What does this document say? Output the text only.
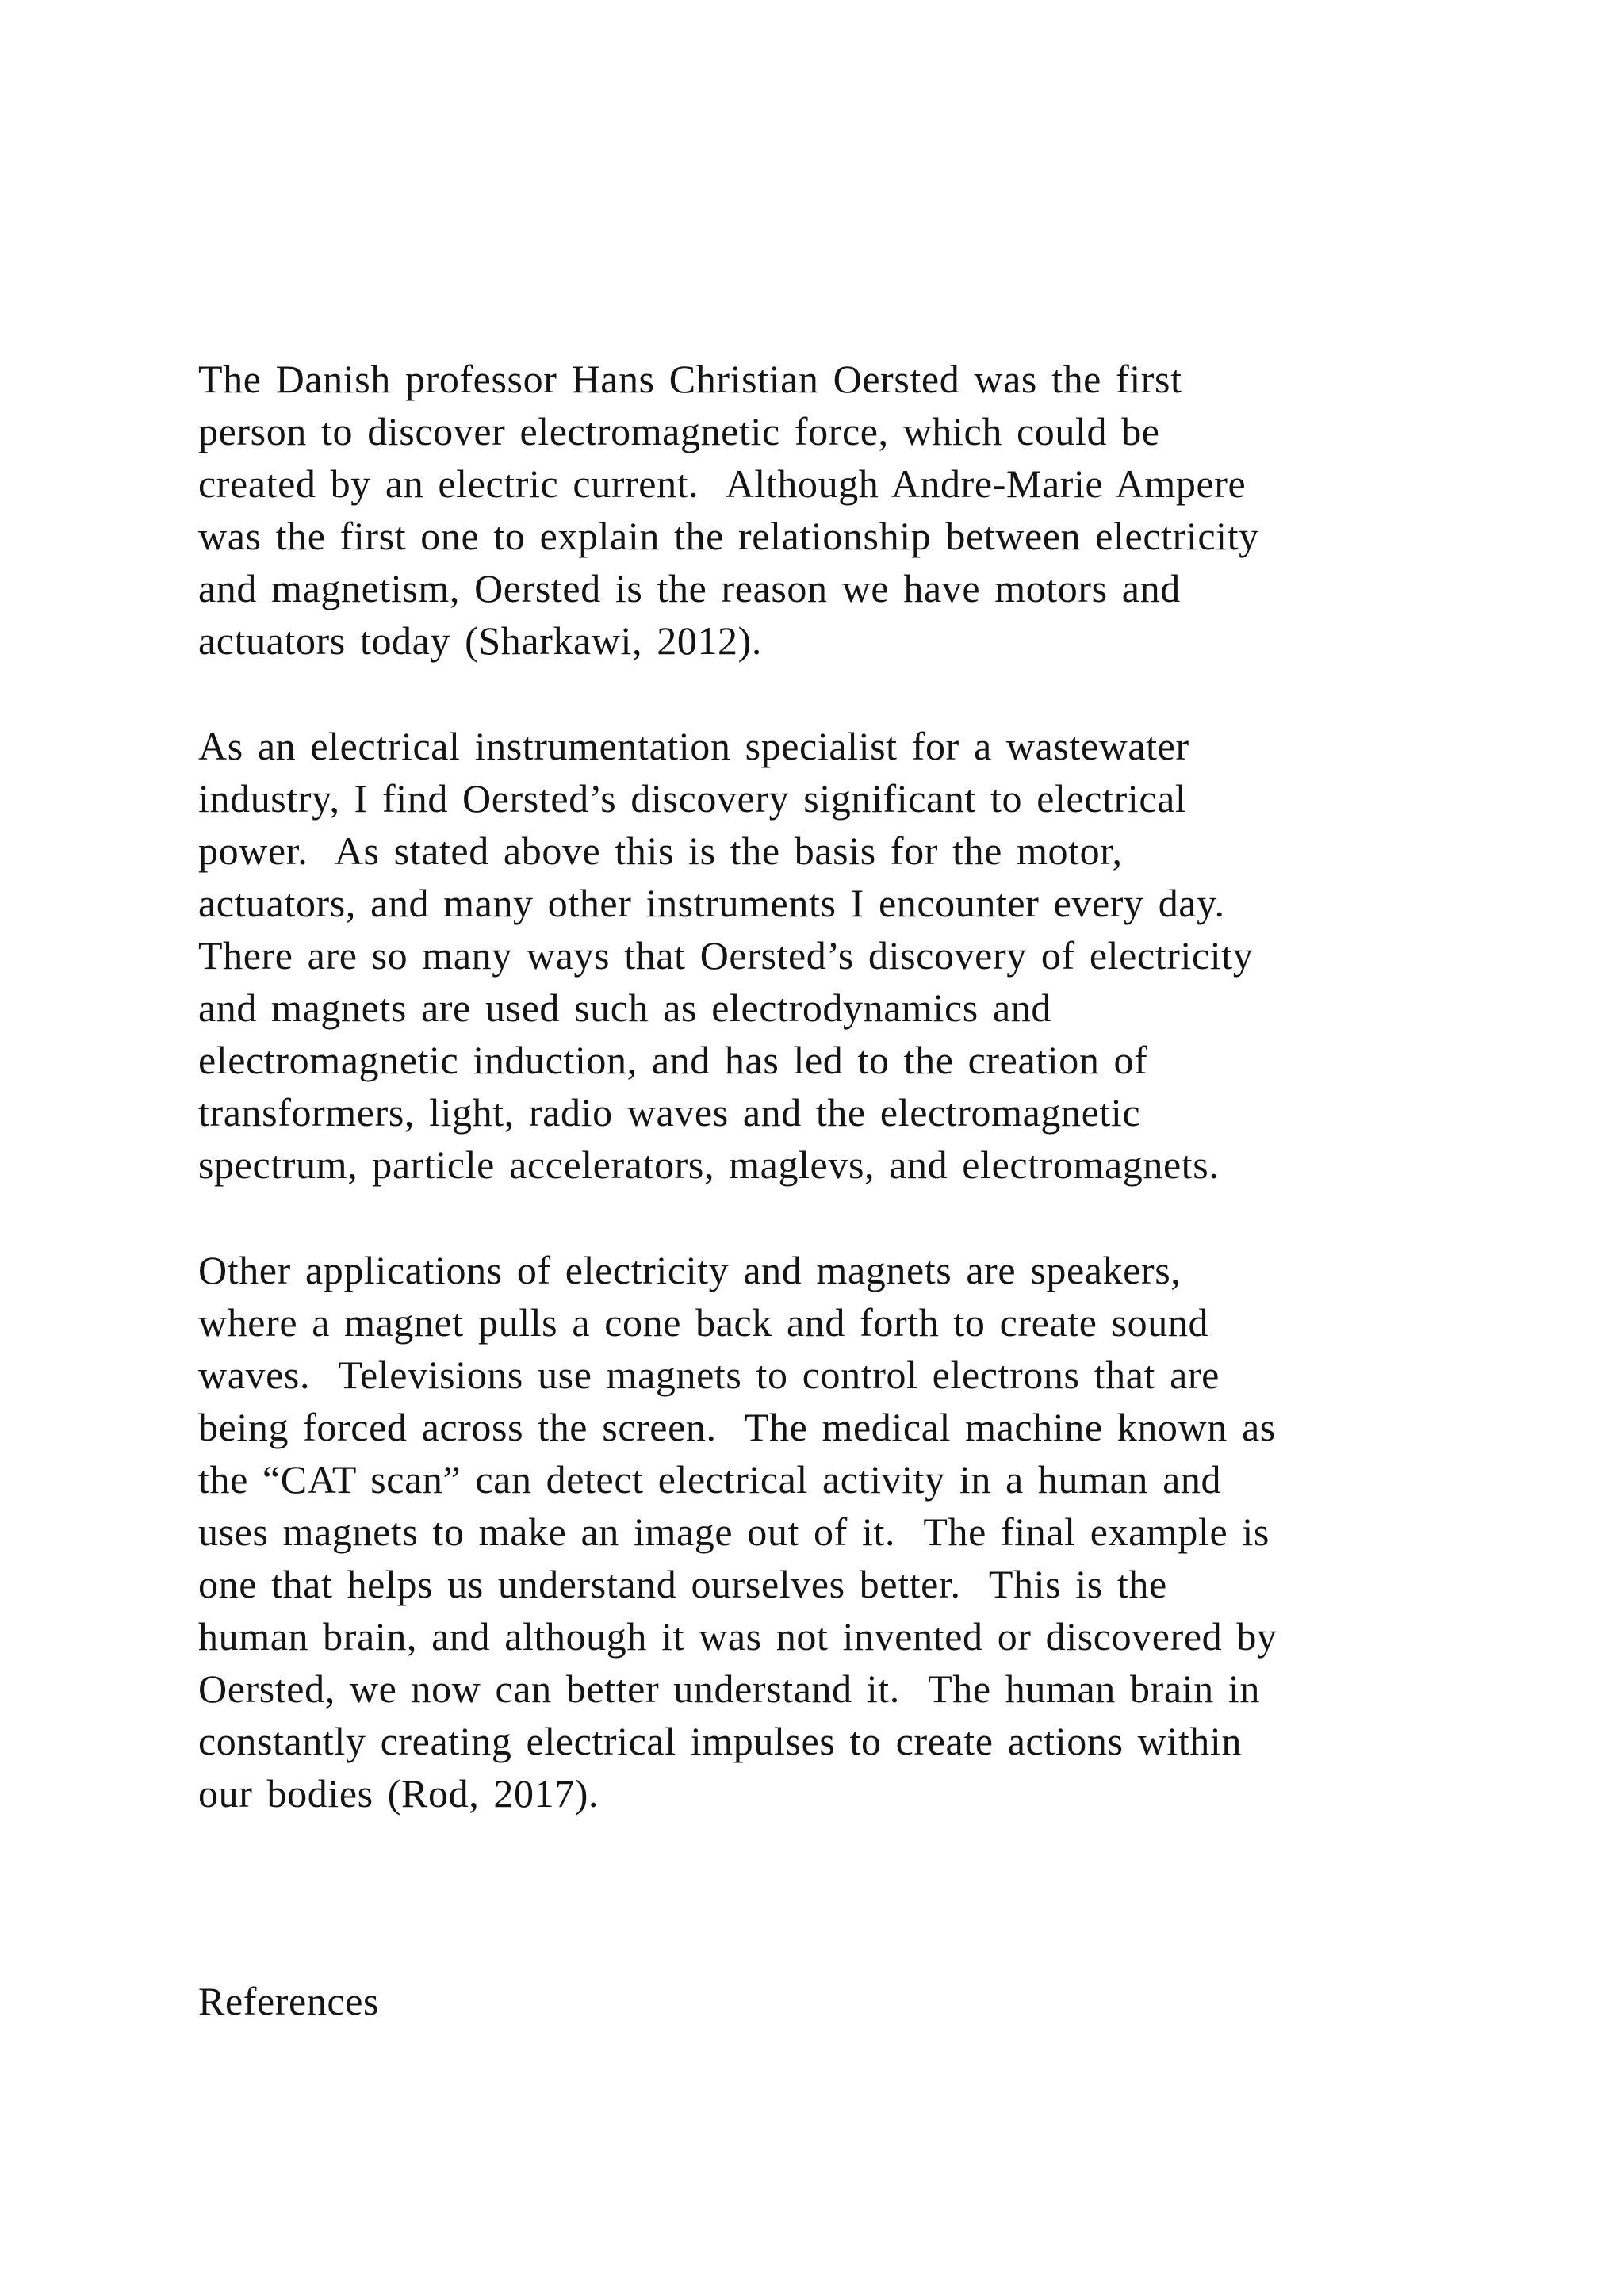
The Danish professor Hans Christian Oersted was the first
person to discover electromagnetic force, which could be
created by an electric current.  Although Andre-Marie Ampere
was the first one to explain the relationship between electricity
and magnetism, Oersted is the reason we have motors and
actuators today (Sharkawi, 2012).
As an electrical instrumentation specialist for a wastewater
industry, I find Oersted’s discovery significant to electrical
power.  As stated above this is the basis for the motor,
actuators, and many other instruments I encounter every day.
There are so many ways that Oersted’s discovery of electricity
and magnets are used such as electrodynamics and
electromagnetic induction, and has led to the creation of
transformers, light, radio waves and the electromagnetic
spectrum, particle accelerators, maglevs, and electromagnets.
Other applications of electricity and magnets are speakers,
where a magnet pulls a cone back and forth to create sound
waves.  Televisions use magnets to control electrons that are
being forced across the screen.  The medical machine known as
the “CAT scan” can detect electrical activity in a human and
uses magnets to make an image out of it.  The final example is
one that helps us understand ourselves better.  This is the
human brain, and although it was not invented or discovered by
Oersted, we now can better understand it.  The human brain in
constantly creating electrical impulses to create actions within
our bodies (Rod, 2017).
References
